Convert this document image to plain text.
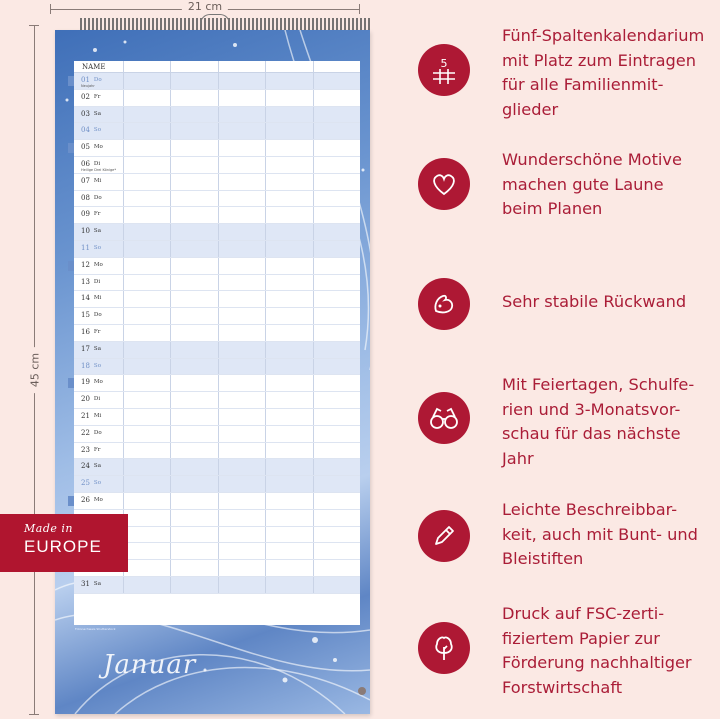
21 cm
45 cm
NAME
01 Do
Neujahr
02 Fr
03 Sa
04 So
05 Mo
06 Di
Heilige Drei Könige*
07 Mi
08 Do
09 Fr
10 Sa
11 So
12 Mo
13 Di
14 Mi
15 Do
16 Fr
17 Sa
18 So
19 Mo
20 Di
21 Mi
22 Do
23 Fr
24 Sa
25 So
26 Mo
31 Sa
Fotonachweis Shutterstock
Januar
Made in
EUROPE
5
Fünf-Spaltenkalendarium
mit Platz zum Eintragen
für alle Familienmit-
glieder
Wunderschöne Motive
machen gute Laune
beim Planen
Sehr stabile Rückwand
Mit Feiertagen, Schulfe-
rien und 3-Monatsvor-
schau für das nächste
Jahr
Leichte Beschreibbar-
keit, auch mit Bunt- und
Bleistiften
Druck auf FSC-zerti-
fiziertem Papier zur
Förderung nachhaltiger
Forstwirtschaft
